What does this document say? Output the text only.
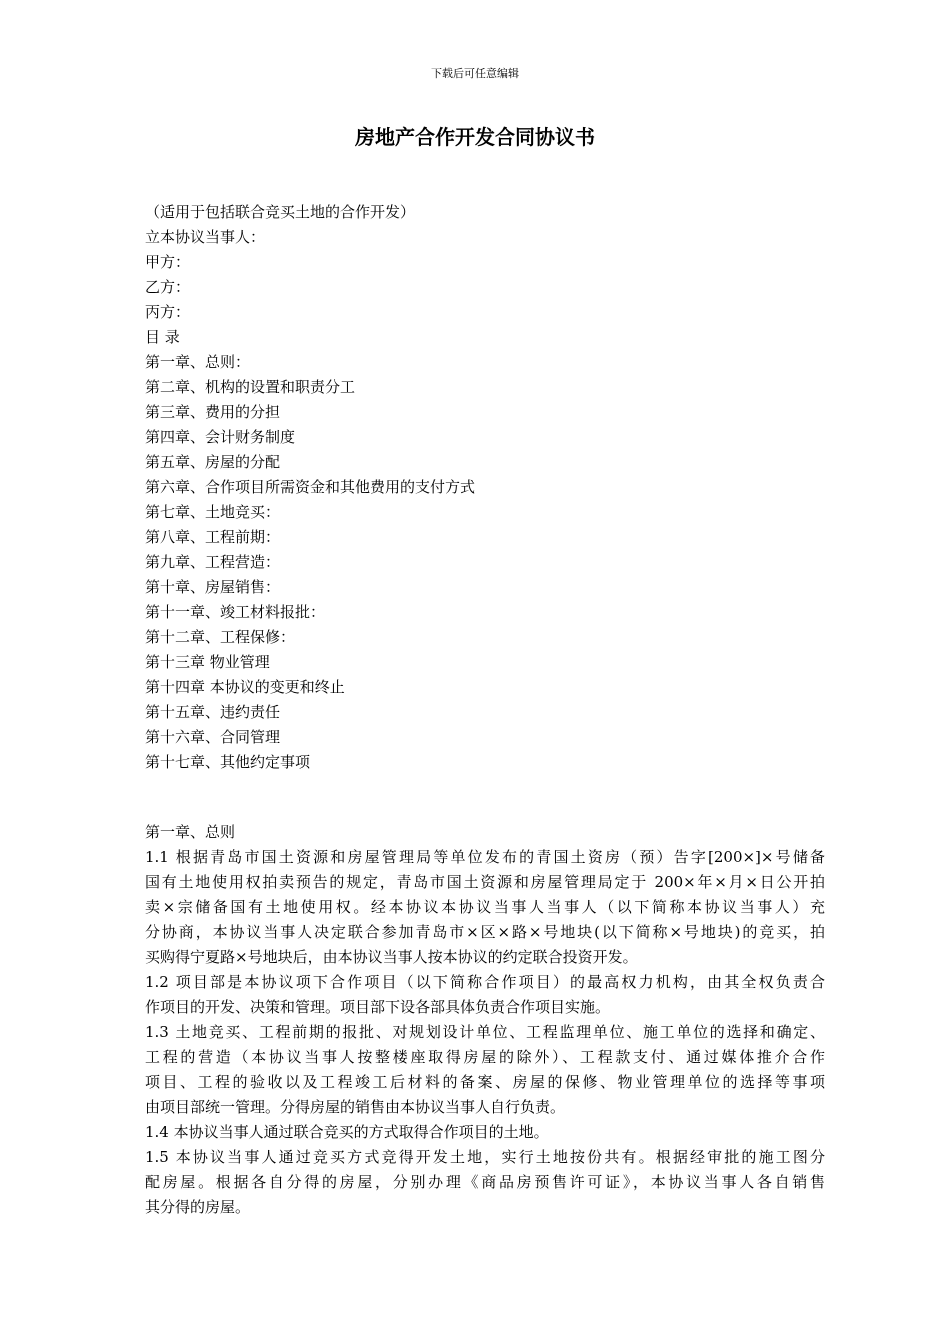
下载后可任意编辑
房地产合作开发合同协议书
（适用于包括联合竞买土地的合作开发）
立本协议当事人：
甲方：
乙方：
丙方：
目 录
第一章、总则：
第二章、机构的设置和职责分工
第三章、费用的分担
第四章、会计财务制度
第五章、房屋的分配
第六章、合作项目所需资金和其他费用的支付方式
第七章、土地竞买：
第八章、工程前期：
第九章、工程营造：
第十章、房屋销售：
第十一章、竣工材料报批：
第十二章、工程保修：
第十三章 物业管理
第十四章 本协议的变更和终止
第十五章、违约责任
第十六章、合同管理
第十七章、其他约定事项
第一章、总则
1.1 根据青岛市国土资源和房屋管理局等单位发布的青国土资房（预）告字[200×]×号储备
国有土地使用权拍卖预告的规定，青岛市国土资源和房屋管理局定于 200×年×月×日公开拍
卖×宗储备国有土地使用权。经本协议本协议当事人当事人（以下简称本协议当事人）充
分协商，本协议当事人决定联合参加青岛市×区×路×号地块(以下简称×号地块)的竞买，拍
买购得宁夏路×号地块后，由本协议当事人按本协议的约定联合投资开发。
1.2 项目部是本协议项下合作项目（以下简称合作项目）的最高权力机构，由其全权负责合
作项目的开发、决策和管理。项目部下设各部具体负责合作项目实施。
1.3 土地竞买、工程前期的报批、对规划设计单位、工程监理单位、施工单位的选择和确定、
工程的营造（本协议当事人按整楼座取得房屋的除外）、工程款支付、通过媒体推介合作
项目、工程的验收以及工程竣工后材料的备案、房屋的保修、物业管理单位的选择等事项
由项目部统一管理。分得房屋的销售由本协议当事人自行负责。
1.4 本协议当事人通过联合竞买的方式取得合作项目的土地。
1.5 本协议当事人通过竞买方式竞得开发土地，实行土地按份共有。根据经审批的施工图分
配房屋。根据各自分得的房屋，分别办理《商品房预售许可证》，本协议当事人各自销售
其分得的房屋。
